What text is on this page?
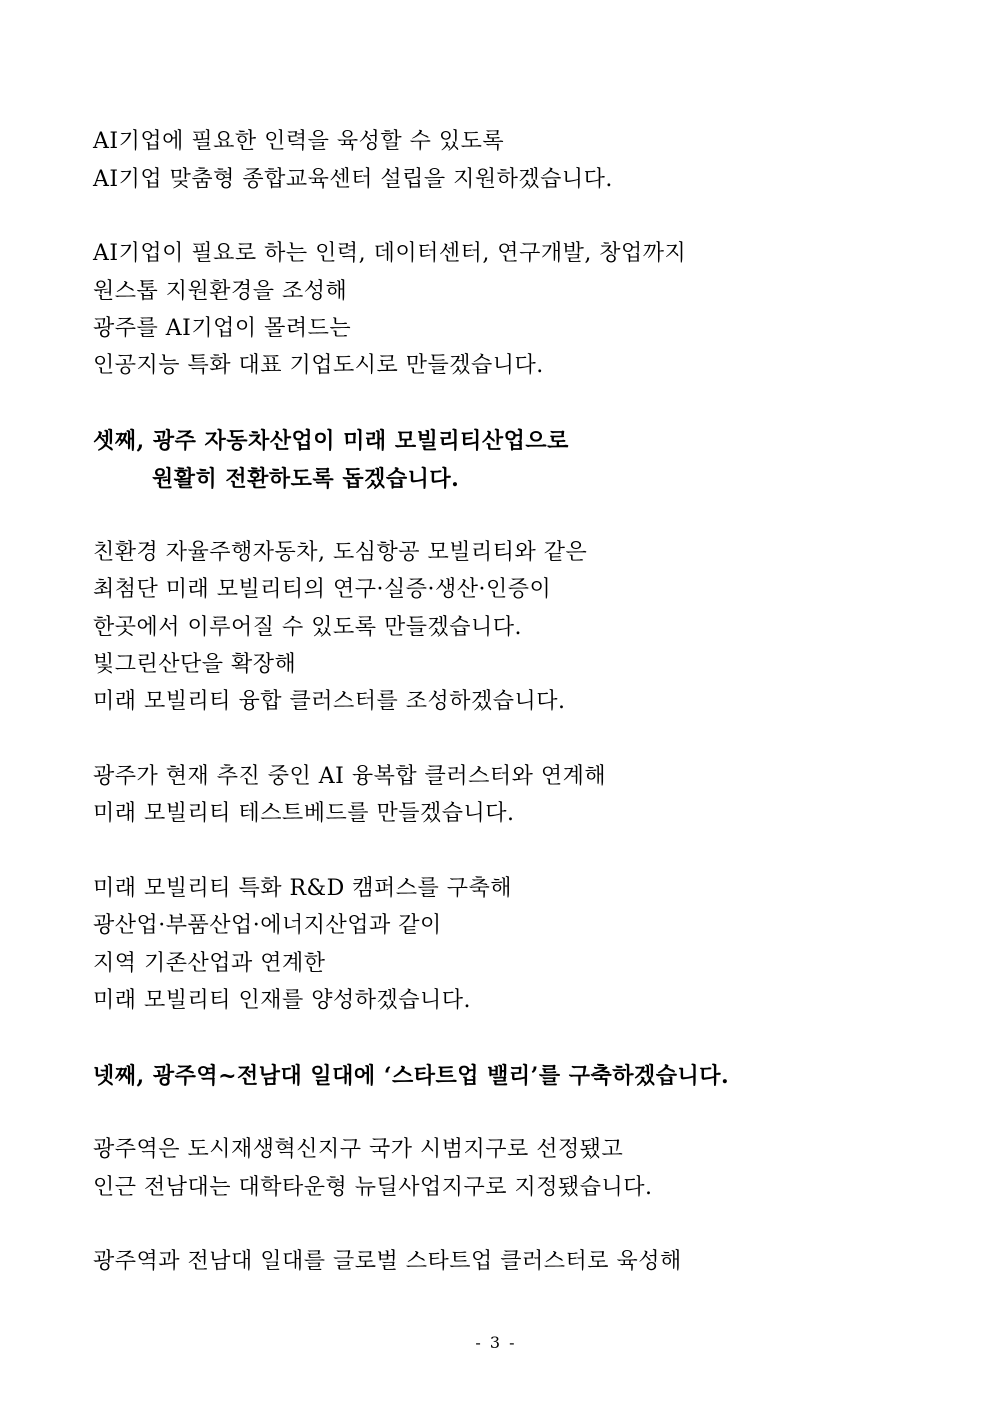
AI기업에 필요한 인력을 육성할 수 있도록
AI기업 맞춤형 종합교육센터 설립을 지원하겠습니다.
AI기업이 필요로 하는 인력, 데이터센터, 연구개발, 창업까지
원스톱 지원환경을 조성해
광주를 AI기업이 몰려드는
인공지능 특화 대표 기업도시로 만들겠습니다.
셋째, 광주 자동차산업이 미래 모빌리티산업으로
원활히 전환하도록 돕겠습니다.
친환경 자율주행자동차, 도심항공 모빌리티와 같은
최첨단 미래 모빌리티의 연구·실증·생산·인증이
한곳에서 이루어질 수 있도록 만들겠습니다.
빛그린산단을 확장해
미래 모빌리티 융합 클러스터를 조성하겠습니다.
광주가 현재 추진 중인 AI 융복합 클러스터와 연계해
미래 모빌리티 테스트베드를 만들겠습니다.
미래 모빌리티 특화 R&D 캠퍼스를 구축해
광산업·부품산업·에너지산업과 같이
지역 기존산업과 연계한
미래 모빌리티 인재를 양성하겠습니다.
넷째, 광주역~전남대 일대에 ‘스타트업 밸리’를 구축하겠습니다.
광주역은 도시재생혁신지구 국가 시범지구로 선정됐고
인근 전남대는 대학타운형 뉴딜사업지구로 지정됐습니다.
광주역과 전남대 일대를 글로벌 스타트업 클러스터로 육성해
- 3 -
